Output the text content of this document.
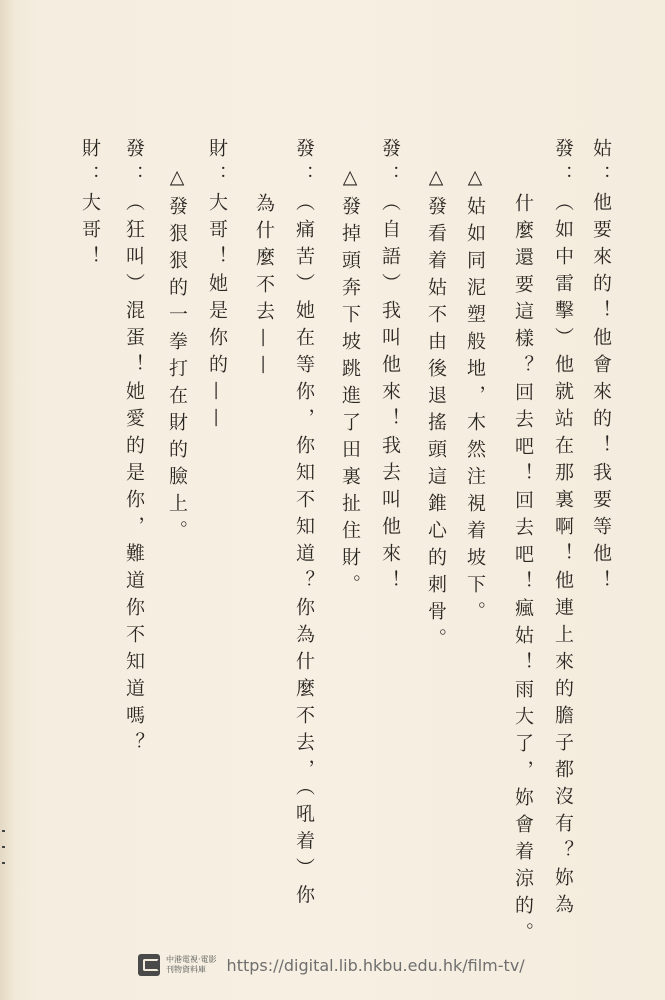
姑：他要來的！他會來的！我要等他！
發：（如中雷擊）他就站在那裏啊！他連上來的膽子都沒有？妳為
什麼還要這樣？回去吧！回去吧！瘋姑！雨大了，妳會着涼的。
△姑如同泥塑般地，木然注視着坡下。
△發看着姑不由後退搖頭這錐心的刺骨。
發：（自語）我叫他來！我去叫他來！
△發掉頭奔下坡跳進了田裏扯住財。
發：（痛苦）她在等你，你知不知道？你為什麼不去，（吼着）你
為什麼不去——
財：大哥！她是你的——
△發狠狠的一拳打在財的臉上。
發：（狂叫）混蛋！她愛的是你，難道你不知道嗎？
財：大哥！
中港電視·電影
刊物資料庫	https://digital.lib.hkbu.edu.hk/film-tv/
